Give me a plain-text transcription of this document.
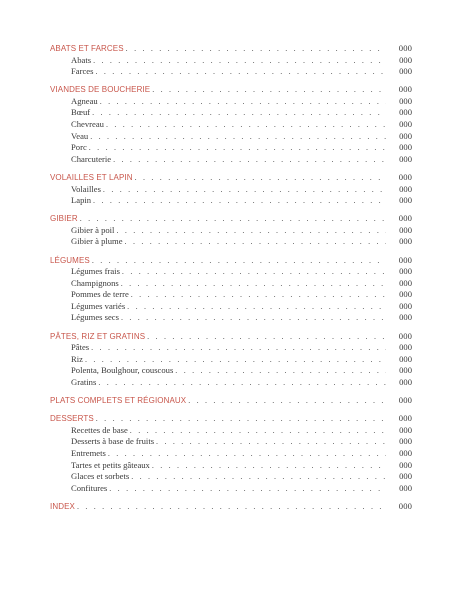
ABATS ET FARCES . . .	000
Abats . . .	000
Farces . . .	000
VIANDES DE BOUCHERIE . . .	000
Agneau . . .	000
Bœuf . . .	000
Chevreau . . .	000
Veau . . .	000
Porc . . .	000
Charcuterie . . .	000
VOLAILLES ET LAPIN . . .	000
Volailles . . .	000
Lapin . . .	000
GIBIER . . .	000
Gibier à poil . . .	000
Gibier à plume . . .	000
LÉGUMES . . .	000
Légumes frais . . .	000
Champignons . . .	000
Pommes de terre . . .	000
Légumes variés . . .	000
Légumes secs . . .	000
PÂTES, RIZ ET GRATINS . . .	000
Pâtes . . .	000
Riz . . .	000
Polenta, Boulghour, couscous . . .	000
Gratins . . .	000
PLATS COMPLETS ET RÉGIONAUX . . .	000
DESSERTS . . .	000
Recettes de base . . .	000
Desserts à base de fruits . . .	000
Entremets . . .	000
Tartes et petits gâteaux . . .	000
Glaces et sorbets . . .	000
Confitures . . .	000
INDEX . . .	000
